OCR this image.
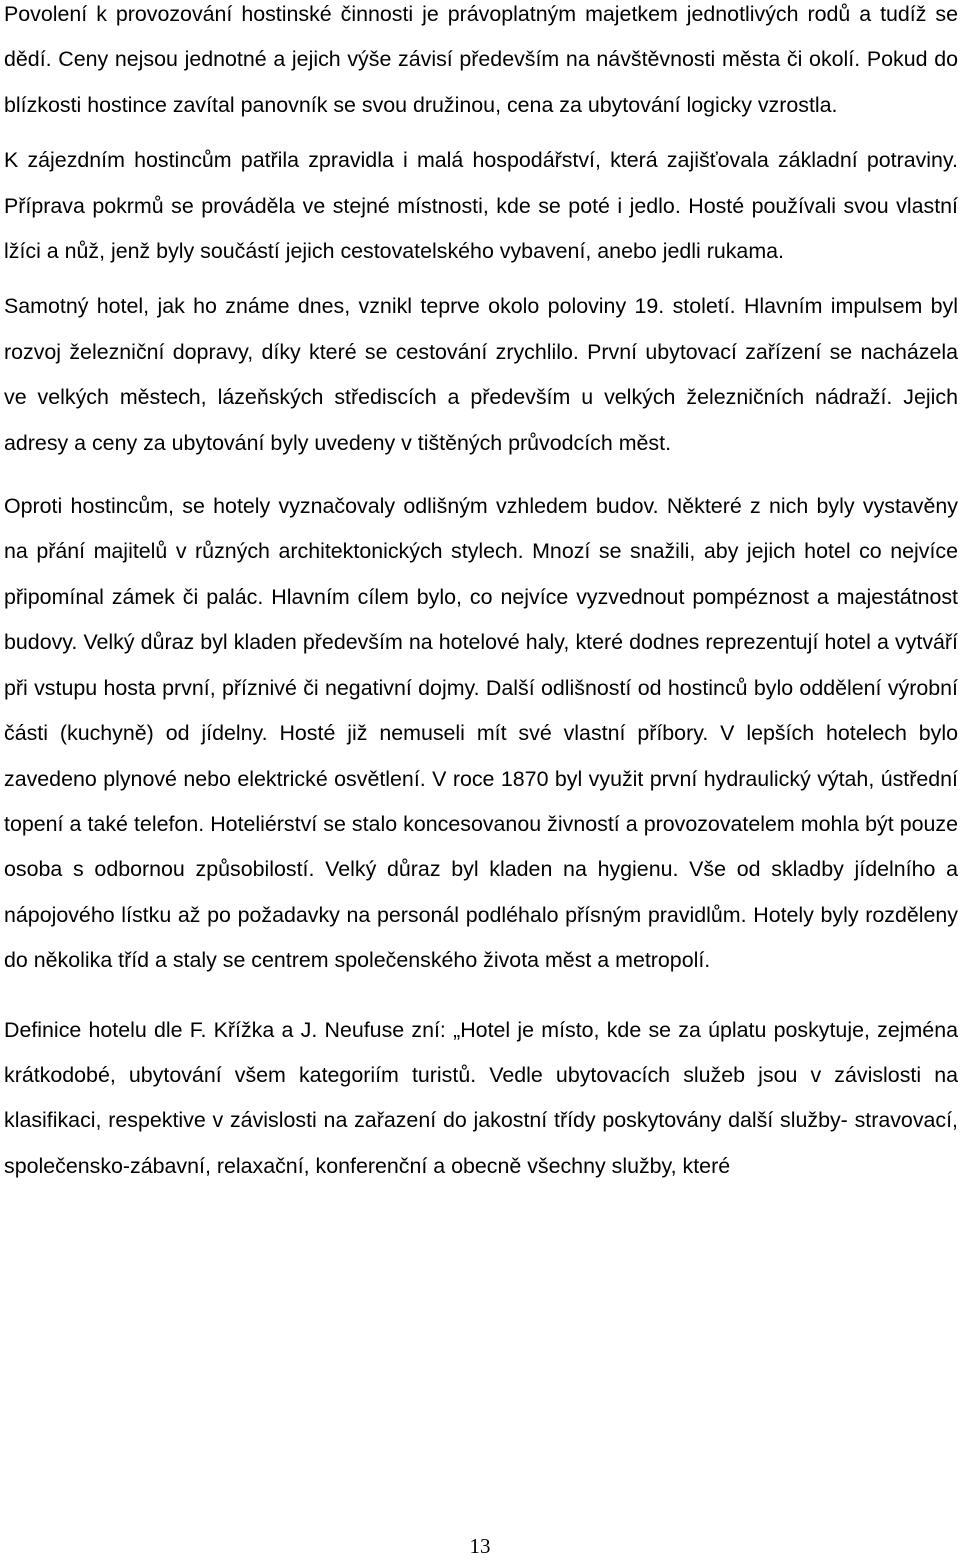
Povolení k provozování hostinské činnosti je právoplatným majetkem jednotlivých rodů a tudíž se dědí. Ceny nejsou jednotné a jejich výše závisí především na návštěvnosti města či okolí. Pokud do blízkosti hostince zavítal panovník se svou družinou, cena za ubytování logicky vzrostla.

K zájezdním hostincům patřila zpravidla i malá hospodářství, která zajišťovala základní potraviny. Příprava pokrmů se prováděla ve stejné místnosti, kde se poté i jedlo. Hosté používali svou vlastní lžíci a nůž, jenž byly součástí jejich cestovatelského vybavení, anebo jedli rukama.

Samotný hotel, jak ho známe dnes, vznikl teprve okolo poloviny 19. století. Hlavním impulsem byl rozvoj železniční dopravy, díky které se cestování zrychlilo. První ubytovací zařízení se nacházela ve velkých městech, lázeňských střediscích a především u velkých železničních nádraží. Jejich adresy a ceny za ubytování byly uvedeny v tištěných průvodcích měst.

Oproti hostincům, se hotely vyznačovaly odlišným vzhledem budov. Některé z nich byly vystavěny na přání majitelů v různých architektonických stylech. Mnozí se snažili, aby jejich hotel co nejvíce připomínal zámek či palác. Hlavním cílem bylo, co nejvíce vyzvednout pompéznost a majestátnost budovy. Velký důraz byl kladen především na hotelové haly, které dodnes reprezentují hotel a vytváří při vstupu hosta první, příznivé či negativní dojmy. Další odlišností od hostinců bylo oddělení výrobní části (kuchyně) od jídelny. Hosté již nemuseli mít své vlastní příbory. V lepších hotelech bylo zavedeno plynové nebo elektrické osvětlení. V roce 1870 byl využit první hydraulický výtah, ústřední topení a také telefon. Hoteliérství se stalo koncesovanou živností a provozovatelem mohla být pouze osoba s odbornou způsobilostí. Velký důraz byl kladen na hygienu. Vše od skladby jídelního a nápojového lístku až po požadavky na personál podléhalo přísným pravidlům. Hotely byly rozděleny do několika tříd a staly se centrem společenského života měst a metropolí.

Definice hotelu dle F. Křížka a J. Neufuse zní: „Hotel je místo, kde se za úplatu poskytuje, zejména krátkodobé, ubytování všem kategoriím turistů. Vedle ubytovacích služeb jsou v závislosti na klasifikaci, respektive v závislosti na zařazení do jakostní třídy poskytovány další služby- stravovací, společensko-zábavní, relaxační, konferenční a obecně všechny služby, které

13
